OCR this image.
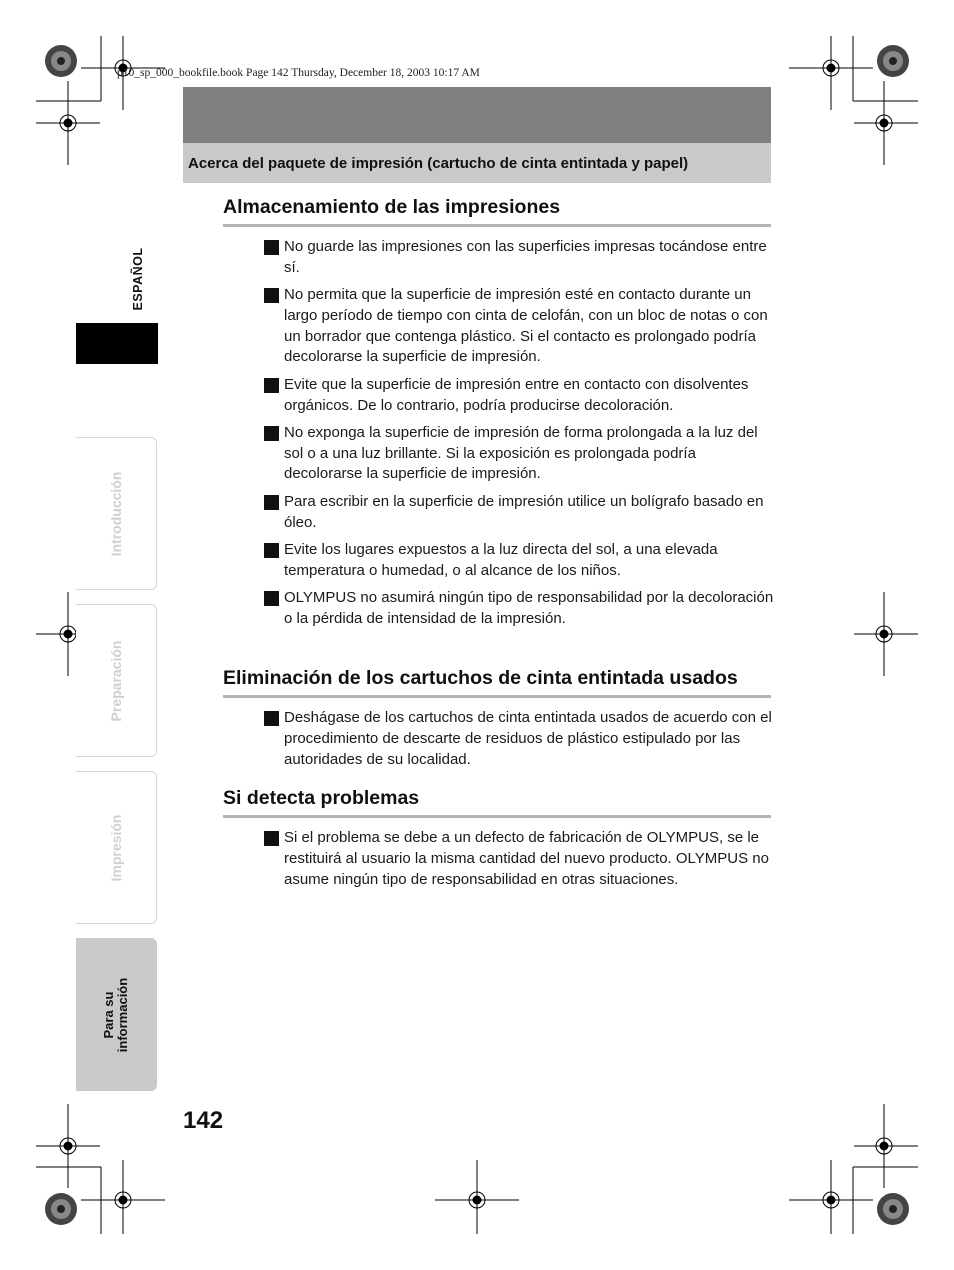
p10_sp_000_bookfile.book Page 142 Thursday, December 18, 2003 10:17 AM
Acerca del paquete de impresión (cartucho de cinta entintada y papel)
ESPAÑOL
Introducción
Preparación
Impresión
Para su
información
Almacenamiento de las impresiones
No guarde las impresiones con las superficies impresas tocándose entre sí.
No permita que la superficie de impresión esté en contacto durante un largo período de tiempo con cinta de celofán, con un bloc de notas o con un borrador que contenga plástico. Si el contacto es prolongado podría decolorarse la superficie de impresión.
Evite que la superficie de impresión entre en contacto con disolventes orgánicos. De lo contrario, podría producirse decoloración.
No exponga la superficie de impresión de forma prolongada a la luz del sol o a una luz brillante. Si la exposición es prolongada podría decolorarse la superficie de impresión.
Para escribir en la superficie de impresión utilice un bolígrafo basado en óleo.
Evite los lugares expuestos a la luz directa del sol, a una elevada temperatura o humedad, o al alcance de los niños.
OLYMPUS no asumirá ningún tipo de responsabilidad por la decoloración o la pérdida de intensidad de la impresión.
Eliminación de los cartuchos de cinta entintada usados
Deshágase de los cartuchos de cinta entintada usados de acuerdo con el procedimiento de descarte de residuos de plástico estipulado por las autoridades de su localidad.
Si detecta problemas
Si el problema se debe a un defecto de fabricación de OLYMPUS, se le restituirá al usuario la misma cantidad del nuevo producto. OLYMPUS no asume ningún tipo de responsabilidad en otras situaciones.
142
